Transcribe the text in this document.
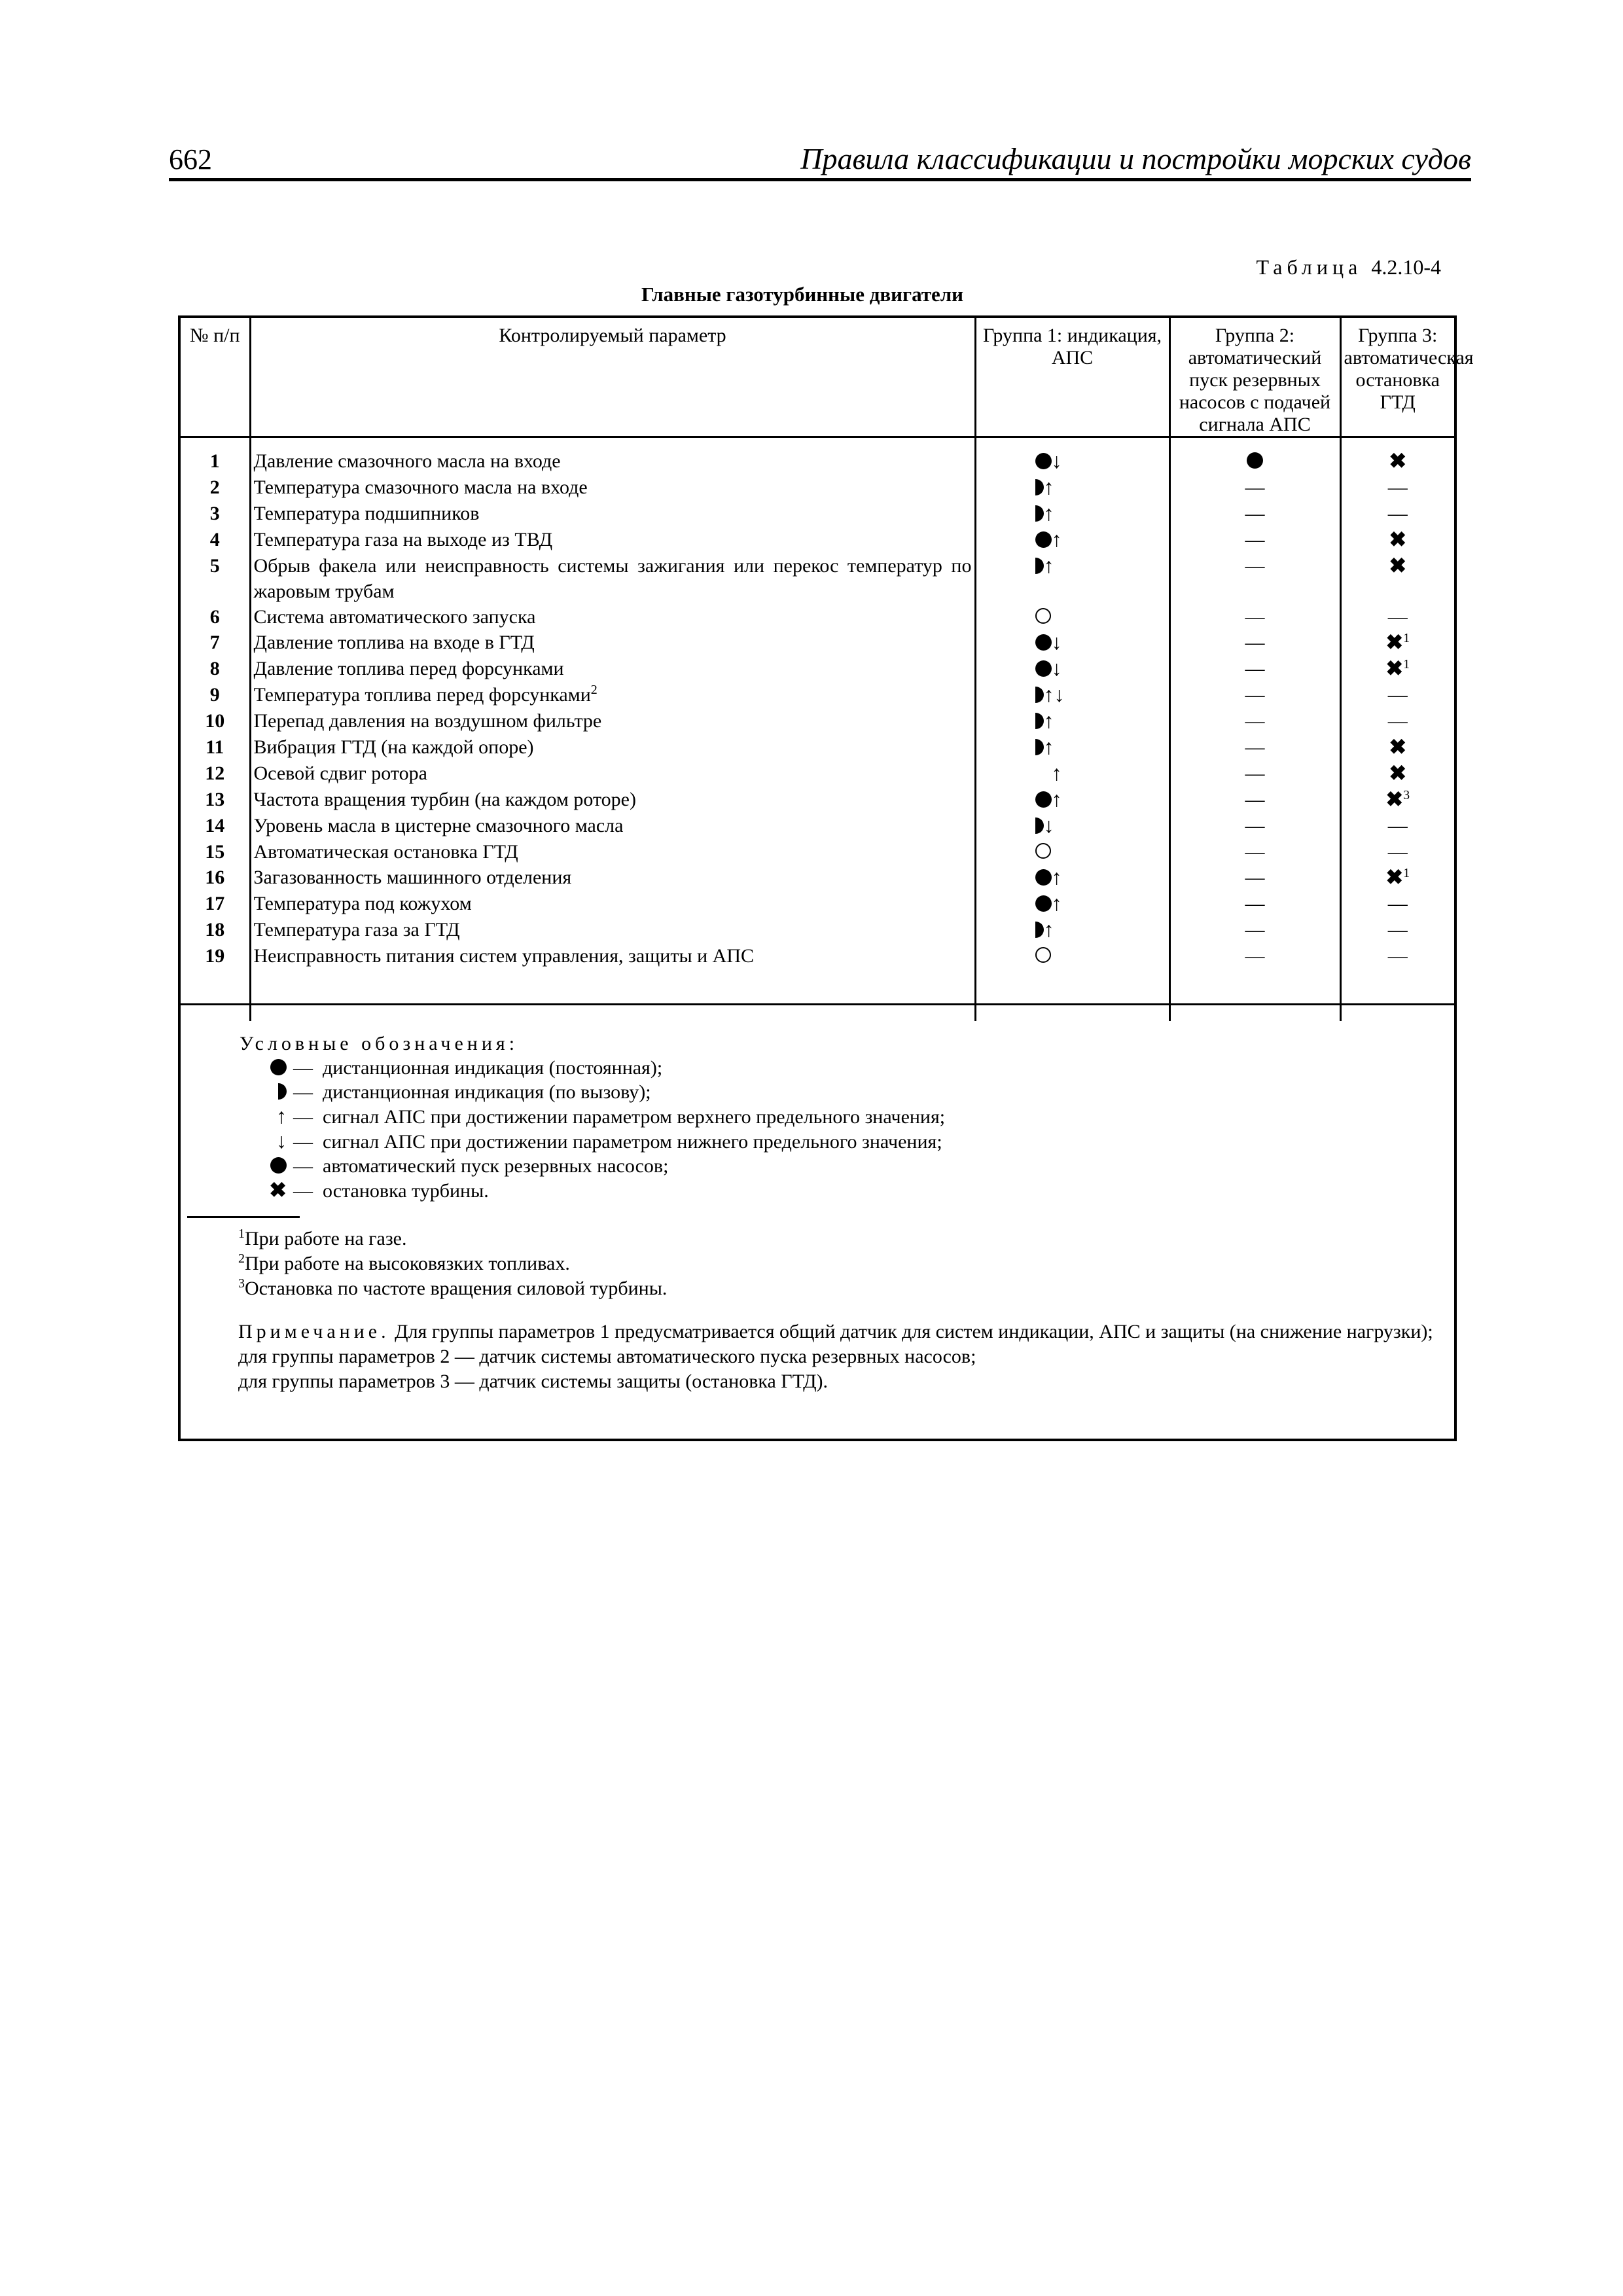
662	Правила классификации и постройки морских судов
Таблица 4.2.10-4
Главные газотурбинные двигатели
№ п/п	Контролируемый параметр	Группа 1: индикация, АПС	Группа 2: автоматический пуск резервных насосов с подачей сигнала АПС	Группа 3: автоматическая остановка ГТД
1	Давление смазочного масла на входе	↓		✖
2	Температура смазочного масла на входе	↑	—	—
3	Температура подшипников	↑	—	—
4	Температура газа на выходе из ТВД	↑	—	✖
5	Обрыв факела или неисправность системы зажигания или перекос температур по жаровым трубам	↑	—	✖
6	Система автоматического запуска		—	—
7	Давление топлива на входе в ГТД	↓	—	✖$^1$
8	Давление топлива перед форсунками	↓	—	✖$^1$
9	Температура топлива перед форсунками$^2$	↑↓	—	—
10	Перепад давления на воздушном фильтре	↑	—	—
11	Вибрация ГТД (на каждой опоре)	↑	—	✖
12	Осевой сдвиг ротора	↑	—	✖
13	Частота вращения турбин (на каждом роторе)	↑	—	✖$^3$
14	Уровень масла в цистерне смазочного масла	↓	—	—
15	Автоматическая остановка ГТД		—	—
16	Загазованность машинного отделения	↑	—	✖$^1$
17	Температура под кожухом	↑	—	—
18	Температура газа за ГТД	↑	—	—
19	Неисправность питания систем управления, защиты и АПС		—	—

Условные обозначения:
— дистанционная индикация (постоянная);
— дистанционная индикация (по вызову);
↑ — сигнал АПС при достижении параметром верхнего предельного значения;
↓ — сигнал АПС при достижении параметром нижнего предельного значения;
— автоматический пуск резервных насосов;
✖ — остановка турбины.
$^1$При работе на газе.
$^2$При работе на высоковязких топливах.
$^3$Остановка по частоте вращения силовой турбины.

Примечание. Для группы параметров 1 предусматривается общий датчик для систем индикации, АПС и защиты (на снижение нагрузки);

для группы параметров 2 — датчик системы автоматического пуска резервных насосов;

для группы параметров 3 — датчик системы защиты (остановка ГТД).
